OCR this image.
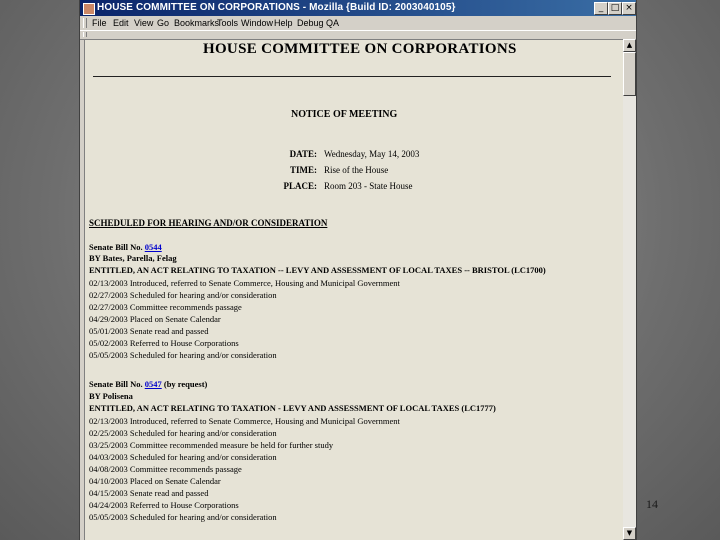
HOUSE COMMITTEE ON CORPORATIONS - Mozilla {Build ID: 2003040105}	_ □ ×
File Edit View Go Bookmarks
Tools Window Help Debug QA
HOUSE COMMITTEE ON CORPORATIONS
NOTICE OF MEETING
DATE: Wednesday, May 14, 2003
TIME: Rise of the House
PLACE: Room 203 - State House
SCHEDULED FOR HEARING AND/OR CONSIDERATION
Senate Bill No. 0544
BY Bates, Parella, Felag
ENTITLED, AN ACT RELATING TO TAXATION -- LEVY AND ASSESSMENT OF LOCAL TAXES -- BRISTOL (LC1700)
02/13/2003 Introduced, referred to Senate Commerce, Housing and Municipal Government
02/27/2003 Scheduled for hearing and/or consideration
02/27/2003 Committee recommends passage
04/29/2003 Placed on Senate Calendar
05/01/2003 Senate read and passed
05/02/2003 Referred to House Corporations
05/05/2003 Scheduled for hearing and/or consideration
Senate Bill No. 0547 (by request)
BY Polisena
ENTITLED, AN ACT RELATING TO TAXATION - LEVY AND ASSESSMENT OF LOCAL TAXES (LC1777)
02/13/2003 Introduced, referred to Senate Commerce, Housing and Municipal Government
02/25/2003 Scheduled for hearing and/or consideration
03/25/2003 Committee recommended measure be held for further study
04/03/2003 Scheduled for hearing and/or consideration
04/08/2003 Committee recommends passage
04/10/2003 Placed on Senate Calendar
04/15/2003 Senate read and passed
04/24/2003 Referred to House Corporations
05/05/2003 Scheduled for hearing and/or consideration
▲
▼
14
